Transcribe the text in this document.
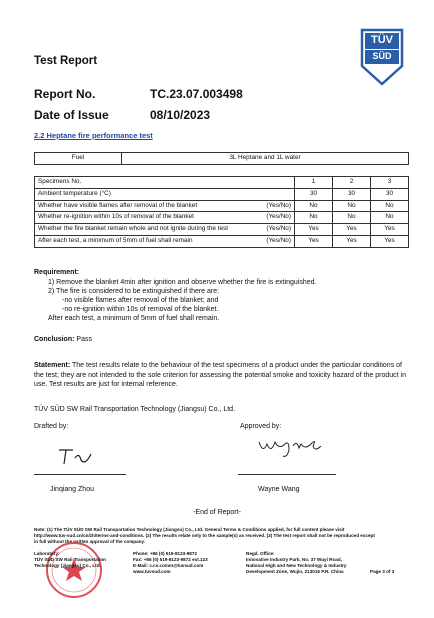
TÜV
SÜD
Test Report
Report No.	TC.23.07.003498
Date of Issue	08/10/2023
2.2 Heptane fire performance test
Fuel	3L Heptane and 1L water
Specimens No.		1	2	3
Ambient temperature (°C)		30	30	30
Whether have visible flames after removal of the blanket	(Yes/No)	No	No	No
Whether re-ignition within 10s of removal of the blanket	(Yes/No)	No	No	No
Whether the fire blanket remain whole and not ignite during the test	(Yes/No)	Yes	Yes	Yes
After each test, a minimum of 5mm of fuel shall remain	(Yes/No)	Yes	Yes	Yes
Requirement:
1) Remove the blanket 4min after ignition and observe whether the fire is extinguished.
2) The fire is considered to be extinguished if there are:
-no visible flames after removal of the blanket; and
-no re-ignition within 10s of removal of the blanket.
After each test, a minimum of 5mm of fuel shall remain.
Conclusion: Pass
Statement: The test results relate to the behaviour of the test specimens of a product under the particular conditions of the test; they are not intended to the sole criterion for assessing the potential smoke and toxicity hazard of the product in use. Test results are just for internal reference.
TÜV SÜD SW Rail Transportation Technology (Jiangsu) Co., Ltd.
Drafted by:	Approved by:
Jinqiang Zhou	Wayne Wang
-End of Report-
Note: (1) The TÜV SÜD SW Rail Transportation Technology (Jiangsu) Co., Ltd. General Terms & Conditions applied, for full content please visit
http://www.tuv-sud.cn/cn/zh/terms-and-conditions. (2) The results relate only to the sample(s) as received. (3) The test report shall not be reproduced except
in full without the written approval of the company.
Laboratory:
TÜV SÜD SW Rail Transportation
Technology (Jiangsu) Co., Ltd.
Phone: +86 (0) 519-8123-9872
Fax: +86 (0) 519-8123-9872 ext.123
E-Mail: c.cs.comm@tuvsud.com
www.tuvsud.com
Regd. Office:
Innovative Industry Park, No. 37 Wuyi Road,
National High and New Technology & Industry
Development Zone, Wujin, 213015 P.R. China	Page 3 of 3
